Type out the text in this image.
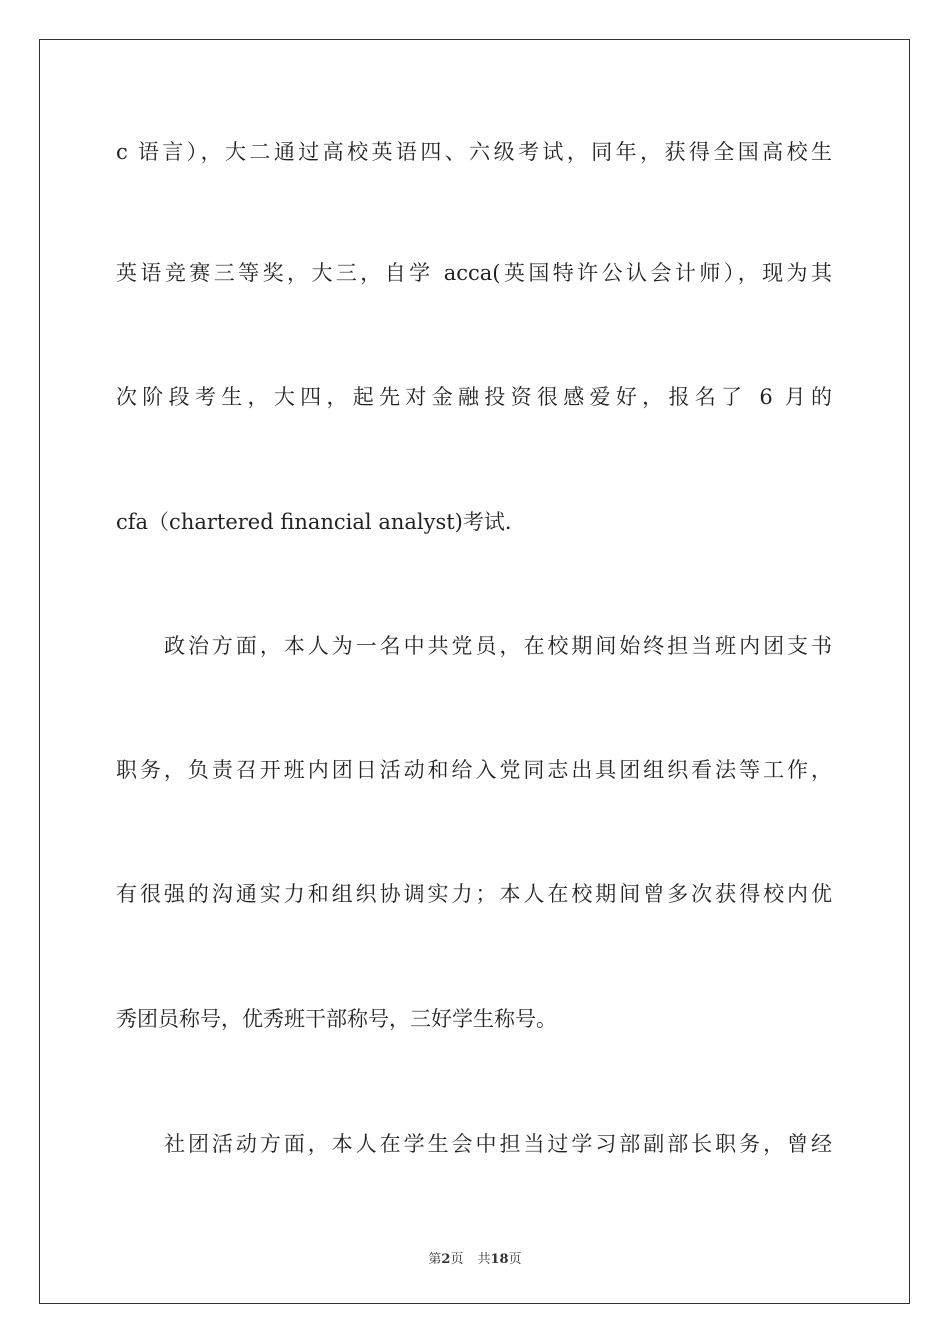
c 语言），大二通过高校英语四、六级考试，同年，获得全国高校生
英语竞赛三等奖，大三，自学 acca(英国特许公认会计师），现为其
次阶段考生，大四，起先对金融投资很感爱好，报名了 6 月的
cfa（chartered financial analyst)考试.
政治方面，本人为一名中共党员，在校期间始终担当班内团支书
职务，负责召开班内团日活动和给入党同志出具团组织看法等工作，
有很强的沟通实力和组织协调实力；本人在校期间曾多次获得校内优
秀团员称号，优秀班干部称号，三好学生称号。
社团活动方面，本人在学生会中担当过学习部副部长职务，曾经
第2页 共18页
